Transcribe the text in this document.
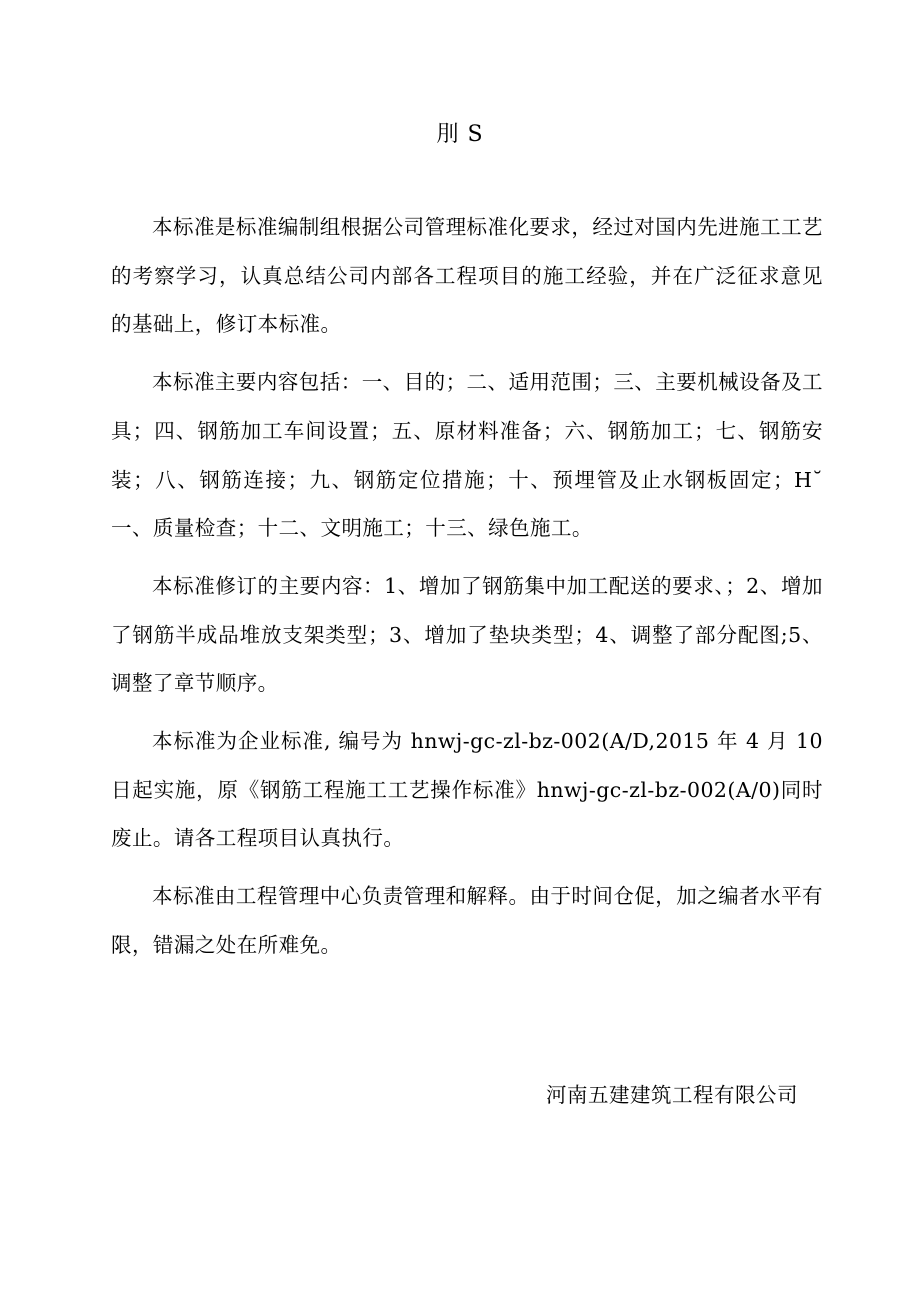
刖 S

本标准是标准编制组根据公司管理标准化要求，经过对国内先进施工工艺的考察学习，认真总结公司内部各工程项目的施工经验，并在广泛征求意见的基础上，修订本标准。

本标准主要内容包括：一、目的；二、适用范围；三、主要机械设备及工具；四、钢筋加工车间设置；五、原材料准备；六、钢筋加工；七、钢筋安装；八、钢筋连接；九、钢筋定位措施；十、预埋管及止水钢板固定；H˘一、质量检查；十二、文明施工；十三、绿色施工。

本标准修订的主要内容：1、增加了钢筋集中加工配送的要求、；2、增加了钢筋半成品堆放支架类型；3、增加了垫块类型；4、调整了部分配图;5、调整了章节顺序。

本标准为企业标准, 编号为 hnwj-gc-zl-bz-002(A/D,2015 年 4 月 10 日起实施，原《钢筋工程施工工艺操作标准》hnwj-gc-zl-bz-002(A/0)同时废止。请各工程项目认真执行。

本标准由工程管理中心负责管理和解释。由于时间仓促，加之编者水平有限，错漏之处在所难免。

河南五建建筑工程有限公司
